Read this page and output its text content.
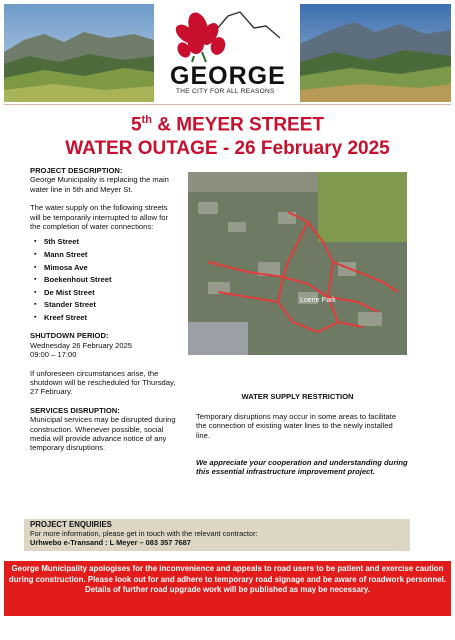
GEORGE
THE CITY FOR ALL REASONS
5th & MEYER STREET
WATER OUTAGE - 26 February 2025

PROJECT DESCRIPTION:

George Municipality is replacing the main water line in 5th and Meyer St.

The water supply on the following streets will be temporarily interrupted to allow for the completion of water connections:

▪ 5th Street
▪ Mann Street
▪ Mimosa Ave
▪ Boekenhout Street
▪ De Mist Street
▪ Stander Street
▪ Kreef Street

SHUTDOWN PERIOD:

Wednesday 26 February 2025

09:00 – 17:00

If unforeseen circumstances arise, the shutdown will be rescheduled for Thursday, 27 February.

SERVICES DISRUPTION:

Municipal services may be disrupted during construction. Whenever possible, social media will provide advance notice of any temporary disruptions.

Loerie Park
WATER SUPPLY RESTRICTION

Temporary disruptions may occur in some areas to facilitate the connection of existing water lines to the newly installed line.

We appreciate your cooperation and understanding during this essential infrastructure improvement project.
PROJECT ENQUIRIES
For more information, please get in touch with the relevant contractor:
Urhwebo e-Transand : L Meyer – 083 357 7687

George Municipality apologises for the inconvenience and appeals to road users to be patient and exercise caution during construction. Please look out for and adhere to temporary road signage and be aware of roadwork personnel.

Details of further road upgrade work will be published as may be necessary.
